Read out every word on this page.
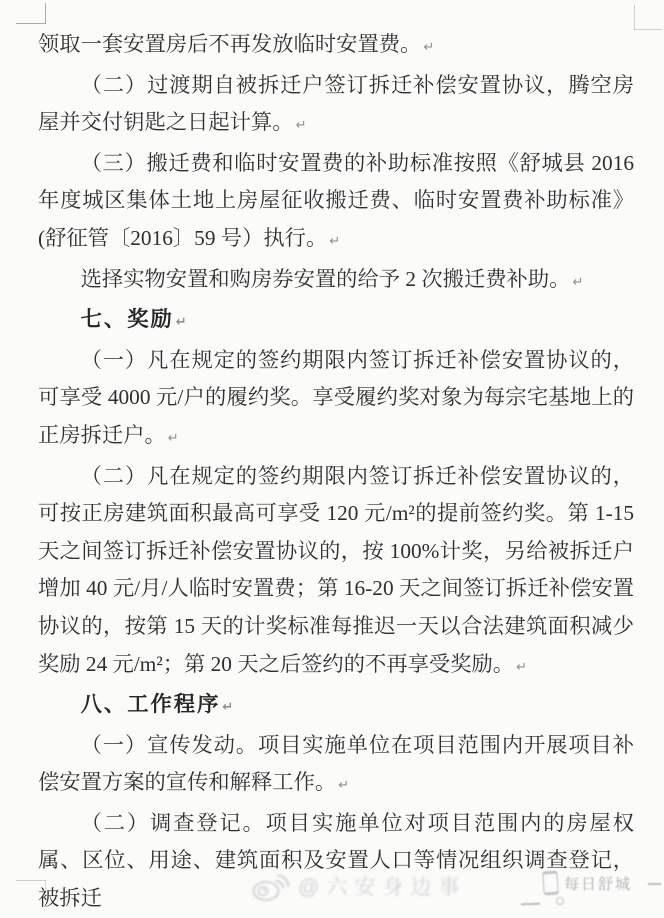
领取一套安置房后不再发放临时安置费。 ↵

（二）过渡期自被拆迁户签订拆迁补偿安置协议，腾空房屋并交付钥匙之日起计算。 ↵

（三）搬迁费和临时安置费的补助标准按照《舒城县 2016 年度城区集体土地上房屋征收搬迁费、临时安置费补助标准》(舒征管〔2016〕59 号）执行。 ↵

选择实物安置和购房券安置的给予 2 次搬迁费补助。 ↵

七、奖励 ↵

（一）凡在规定的签约期限内签订拆迁补偿安置协议的，可享受 4000 元/户的履约奖。享受履约奖对象为每宗宅基地上的正房拆迁户。 ↵

（二）凡在规定的签约期限内签订拆迁补偿安置协议的，可按正房建筑面积最高可享受 120 元/m²的提前签约奖。第 1-15 天之间签订拆迁补偿安置协议的，按 100%计奖，另给被拆迁户增加 40 元/月/人临时安置费；第 16-20 天之间签订拆迁补偿安置协议的，按第 15 天的计奖标准每推迟一天以合法建筑面积减少奖励 24 元/m²；第 20 天之后签约的不再享受奖励。 ↵

八、工作程序 ↵

（一）宣传发动。项目实施单位在项目范围内开展项目补偿安置方案的宣传和解释工作。 ↵

（二）调查登记。项目实施单位对项目范围内的房屋权属、区位、用途、建筑面积及安置人口等情况组织调查登记，被拆迁	@六安身边事	每日舒城
